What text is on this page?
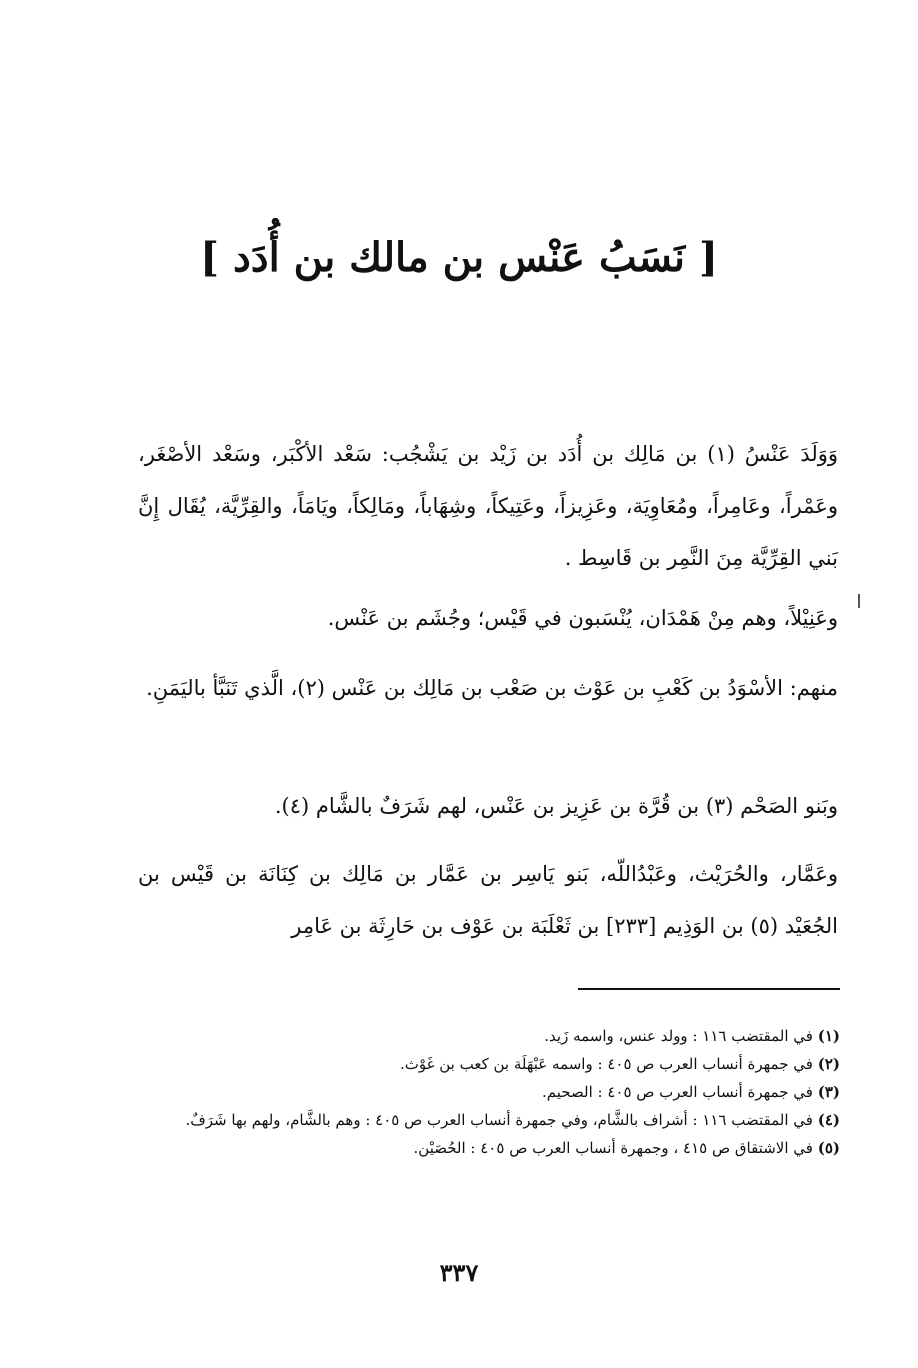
[ نَسَبُ عَنْس بن مالك بن أُدَد ]

وَوَلَدَ عَنْسُ (١) بن مَالِك بن أُدَد بن زَيْد بن يَشْجُب: سَعْد الأكْبَر، وسَعْد الأصْغَر، وعَمْراً، وعَامِراً، ومُعَاوِيَة، وعَزِيزاً، وعَتِيكاً، وشِهَاباً، ومَالِكاً، ويَامَاً، والقِرِّيَّة، يُقَال إِنَّ بَني القِرِّيَّة مِنَ النَّمِر بن قَاسِط .

وعَنِيْلاً، وهم مِنْ هَمْدَان، يُنْسَبون في قَيْس؛ وجُشَم بن عَنْس.

منهم: الأسْوَدُ بن كَعْبِ بن عَوْث بن صَعْب بن مَالِك بن عَنْس (٢)، الَّذي تَنَبَّأ باليَمَنِ.

وبَنو الصَحْم (٣) بن قُرَّة بن عَزِيز بن عَنْس، لهم شَرَفٌ بالشَّام (٤).

وعَمَّار، والحُرَيْث، وعَبْدُاللّه، بَنو يَاسِر بن عَمَّار بن مَالِك بن كِنَانَة بن قَيْس بن الجُعَيْد (٥) بن الوَذِيم [٢٣٣] بن ثَعْلَبَة بن عَوْف بن حَارِثَة بن عَامِر

(١) في المقتضب ١١٦ : وولد عنس، واسمه زَيد.

(٢) في جمهرة أنساب العرب ص ٤٠٥ : واسمه عَبْهَلَة بن كعب بن غَوْث.

(٣) في جمهرة أنساب العرب ص ٤٠٥ : الصحيم.

(٤) في المقتضب ١١٦ : أشراف بالشَّام، وفي جمهرة أنساب العرب ص ٤٠٥ : وهم بالشَّام، ولهم بها شَرَفٌ.

(٥) في الاشتقاق ص ٤١٥ ، وجمهرة أنساب العرب ص ٤٠٥ : الحُصَيْن.

٣٣٧
